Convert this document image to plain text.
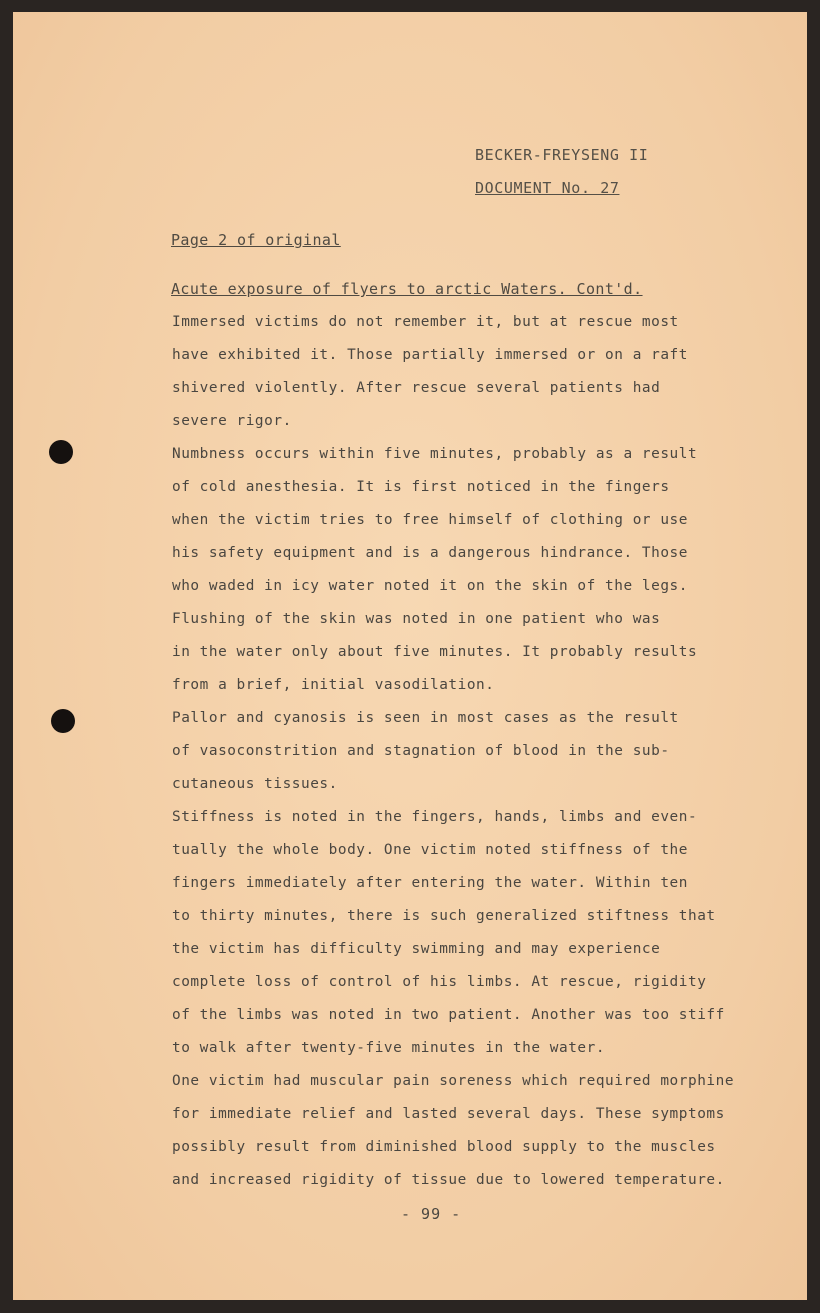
BECKER-FREYSENG II
DOCUMENT No. 27
Page 2 of original
Acute exposure of flyers to arctic Waters. Cont'd.
Immersed victims do not remember it, but at rescue most
have exhibited it. Those partially immersed or on a raft
shivered violently. After rescue several patients had
severe rigor.
Numbness occurs within five minutes, probably as a result
of cold anesthesia. It is first noticed in the fingers
when the victim tries to free himself of clothing or use
his safety equipment and is a dangerous hindrance. Those
who waded in icy water noted it on the skin of the legs.
Flushing of the skin was noted in one patient who was
in the water only about five minutes. It probably results
from a brief, initial vasodilation.
Pallor and cyanosis is seen in most cases as the result
of vasoconstrition and stagnation of blood in the sub-
cutaneous tissues.
Stiffness is noted in the fingers, hands, limbs and even-
tually the whole body. One victim noted stiffness of the
fingers immediately after entering the water. Within ten
to thirty minutes, there is such generalized stiftness that
the victim has difficulty swimming and may experience
complete loss of control of his limbs. At rescue, rigidity
of the limbs was noted in two patient. Another was too stiff
to walk after twenty-five minutes in the water.
One victim had muscular pain soreness which required morphine
for immediate relief and lasted several days. These symptoms
possibly result from diminished blood supply to the muscles
and increased rigidity of tissue due to lowered temperature.
- 99 -
